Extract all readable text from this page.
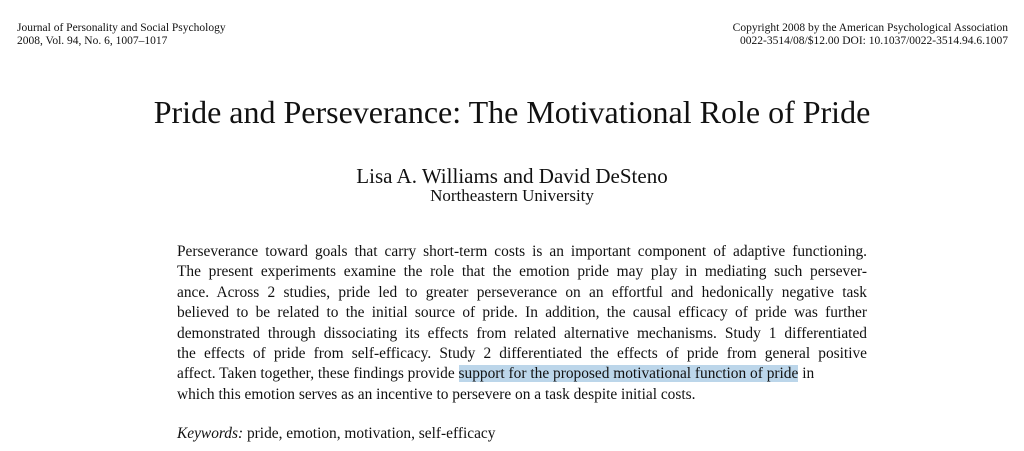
Journal of Personality and Social Psychology
2008, Vol. 94, No. 6, 1007–1017
Copyright 2008 by the American Psychological Association
0022-3514/08/$12.00 DOI: 10.1037/0022-3514.94.6.1007
Pride and Perseverance: The Motivational Role of Pride
Lisa A. Williams and David DeSteno
Northeastern University
Perseverance toward goals that carry short-term costs is an important component of adaptive functioning.
The present experiments examine the role that the emotion pride may play in mediating such persever-
ance. Across 2 studies, pride led to greater perseverance on an effortful and hedonically negative task
believed to be related to the initial source of pride. In addition, the causal efficacy of pride was further
demonstrated through dissociating its effects from related alternative mechanisms. Study 1 differentiated
the effects of pride from self-efficacy. Study 2 differentiated the effects of pride from general positive
affect. Taken together, these findings provide support for the proposed motivational function of pride in
which this emotion serves as an incentive to persevere on a task despite initial costs.
Keywords: pride, emotion, motivation, self-efficacy
